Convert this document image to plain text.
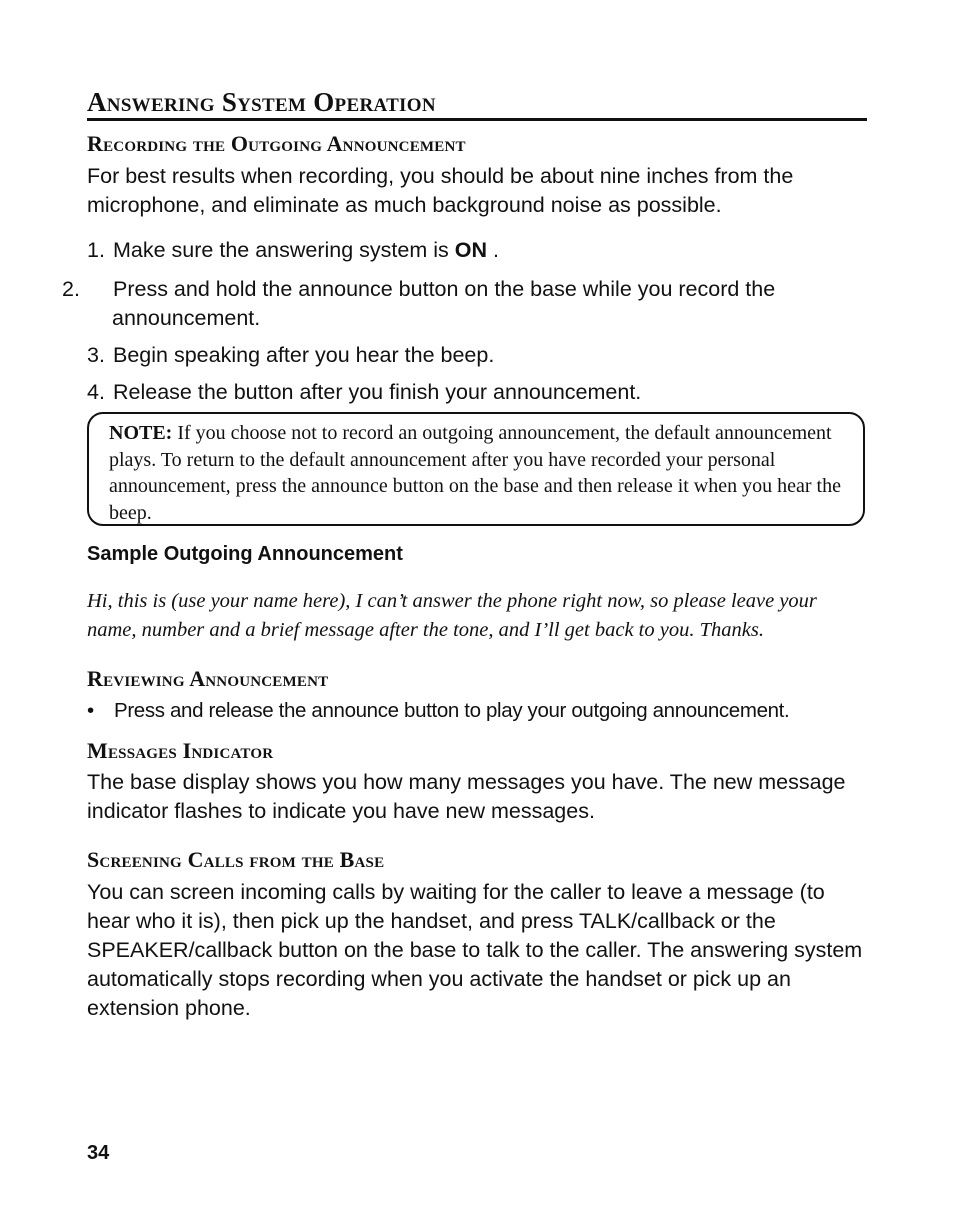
Answering System Operation
Recording the Outgoing Announcement
For best results when recording, you should be about nine inches from the microphone, and eliminate as much background noise as possible.
1. Make sure the answering system is ON .
2. Press and hold the announce button on the base while you record the announcement.
3. Begin speaking after you hear the beep.
4. Release the button after you finish your announcement.
NOTE: If you choose not to record an outgoing announcement, the default announcement plays. To return to the default announcement after you have recorded your personal announcement, press the announce button on the base and then release it when you hear the beep.
Sample Outgoing Announcement
Hi, this is (use your name here), I can’t answer the phone right now, so please leave your name, number and a brief message after the tone, and I’ll get back to you. Thanks.
Reviewing Announcement
• Press and release the announce button to play your outgoing announcement.
Messages Indicator
The base display shows you how many messages you have. The new message indicator flashes to indicate you have new messages.
Screening Calls from the Base
You can screen incoming calls by waiting for the caller to leave a message (to hear who it is), then pick up the handset, and press TALK/callback or the SPEAKER/callback button on the base to talk to the caller. The answering system automatically stops recording when you activate the handset or pick up an extension phone.
34
